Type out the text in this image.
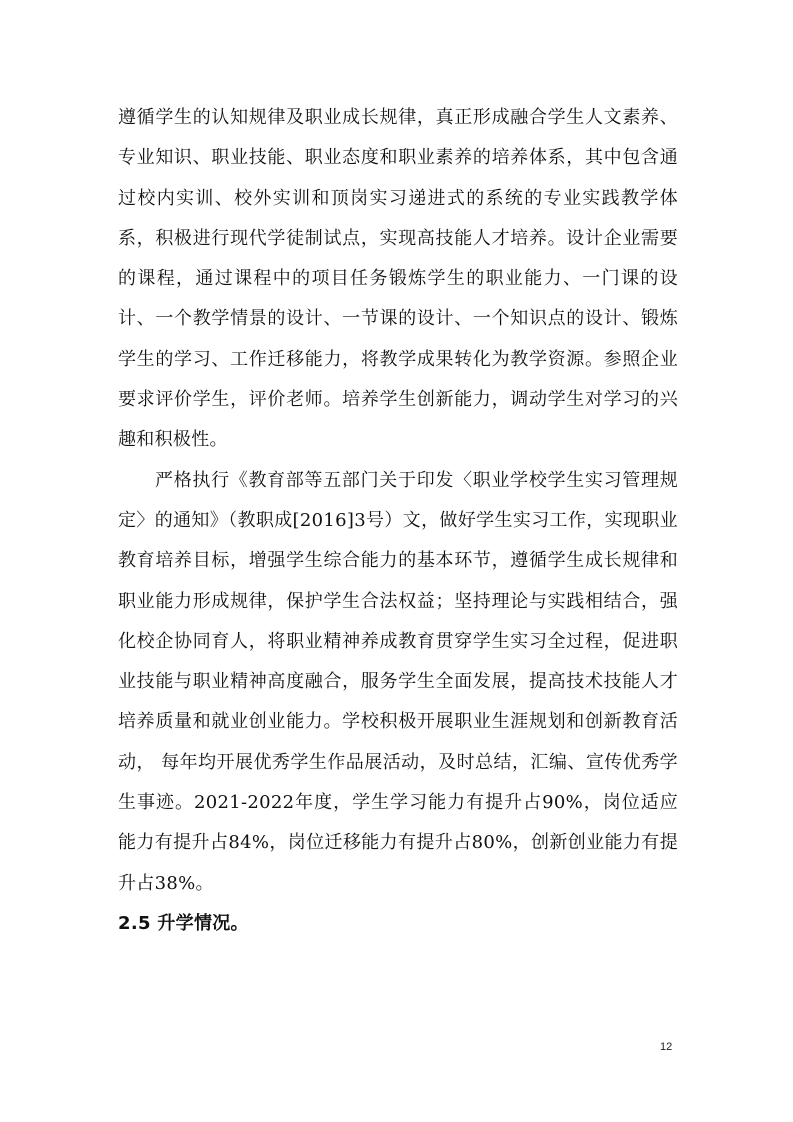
遵循学生的认知规律及职业成长规律，真正形成融合学生人文素养、专业知识、职业技能、职业态度和职业素养的培养体系，其中包含通过校内实训、校外实训和顶岗实习递进式的系统的专业实践教学体系，积极进行现代学徒制试点，实现高技能人才培养。设计企业需要的课程，通过课程中的项目任务锻炼学生的职业能力、一门课的设计、一个教学情景的设计、一节课的设计、一个知识点的设计、锻炼学生的学习、工作迁移能力，将教学成果转化为教学资源。参照企业要求评价学生，评价老师。培养学生创新能力，调动学生对学习的兴趣和积极性。

严格执行《教育部等五部门关于印发〈职业学校学生实习管理规定〉的通知》（教职成[2016]3号）文，做好学生实习工作，实现职业教育培养目标，增强学生综合能力的基本环节，遵循学生成长规律和职业能力形成规律，保护学生合法权益；坚持理论与实践相结合，强化校企协同育人，将职业精神养成教育贯穿学生实习全过程，促进职业技能与职业精神高度融合，服务学生全面发展，提高技术技能人才培养质量和就业创业能力。学校积极开展职业生涯规划和创新教育活动， 每年均开展优秀学生作品展活动，及时总结，汇编、宣传优秀学生事迹。2021-2022年度，学生学习能力有提升占90%，岗位适应能力有提升占84%，岗位迁移能力有提升占80%，创新创业能力有提升占38%。

2.5 升学情况。

12
